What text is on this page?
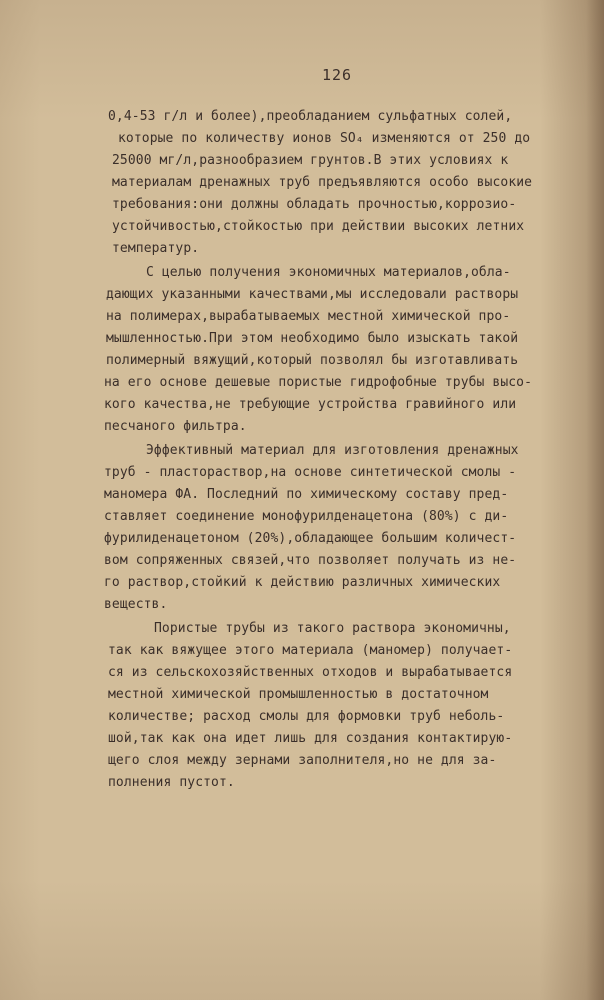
126
0,4-53 г/л и более),преобладанием сульфатных солей,
которые по количеству ионов SO₄ изменяются от 250 до
25000 мг/л,разнообразием грунтов.В этих условиях к
материалам дренажных труб предъявляются особо высокие
требования:они должны обладать прочностью,коррозио-
устойчивостью,стойкостью при действии высоких летних
температур.
С целью получения экономичных материалов,обла-
дающих указанными качествами,мы исследовали растворы
на полимерах,вырабатываемых местной химической про-
мышленностью.При этом необходимо было изыскать такой
полимерный вяжущий,который позволял бы изготавливать
на его основе дешевые пористые гидрофобные трубы высо-
кого качества,не требующие устройства гравийного или
песчаного фильтра.
Эффективный материал для изготовления дренажных
труб - пластораствор,на основе синтетической смолы -
маномера ФА. Последний по химическому составу пред-
ставляет соединение монофурилденацетона (80%) с ди-
фурилиденацетоном (20%),обладающее большим количест-
вом сопряженных связей,что позволяет получать из не-
го раствор,стойкий к действию различных химических
веществ.
Пористые трубы из такого раствора экономичны,
так как вяжущее этого материала (маномер) получает-
ся из сельскохозяйственных отходов и вырабатывается
местной химической промышленностью в достаточном
количестве; расход смолы для формовки труб неболь-
шой,так как она идет лишь для создания контактирую-
щего слоя между зернами заполнителя,но не для за-
полнения пустот.
